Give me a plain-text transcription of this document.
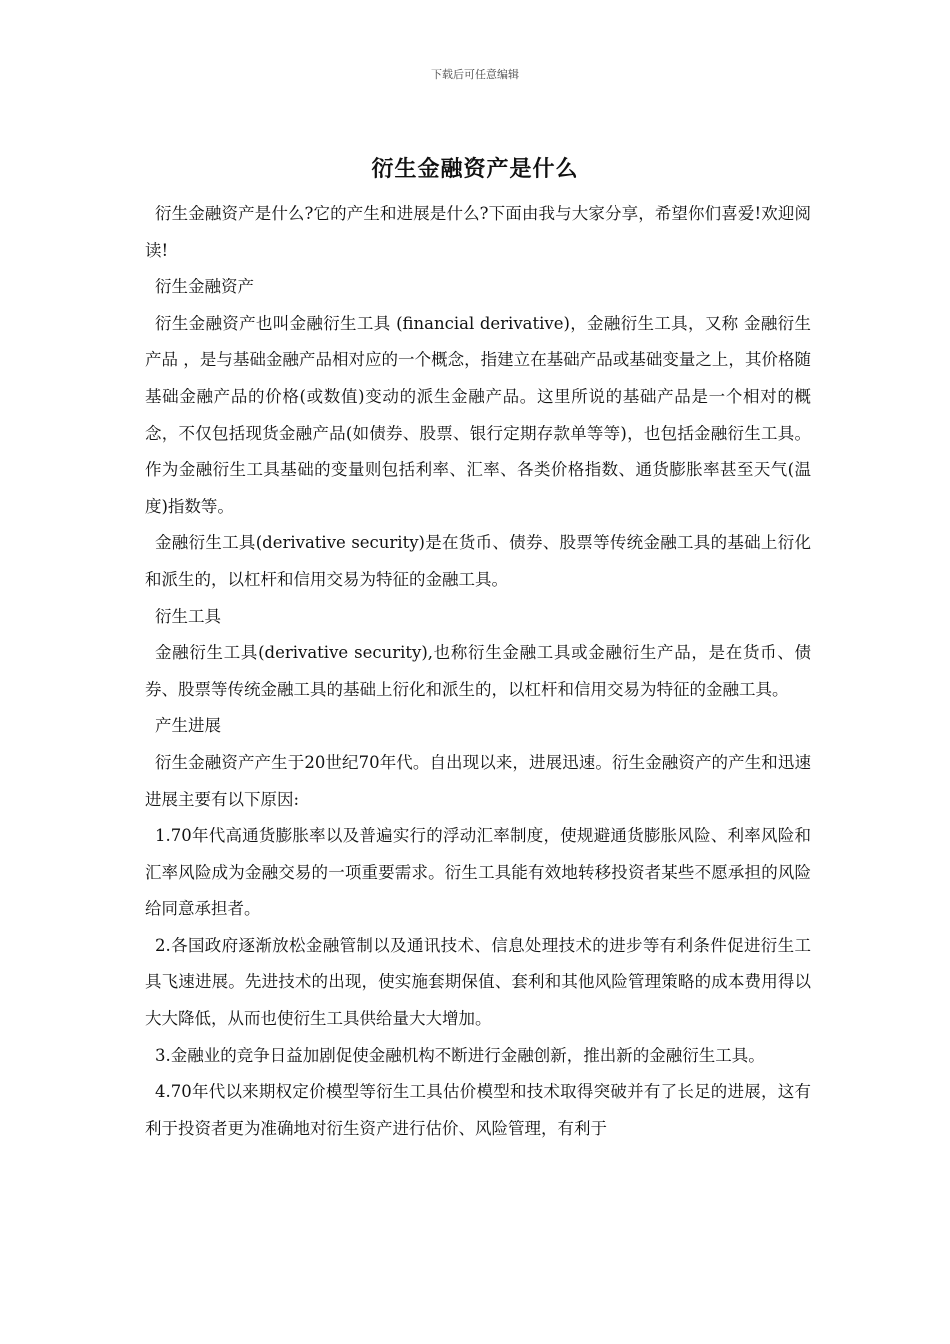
下载后可任意编辑
衍生金融资产是什么

衍生金融资产是什么?它的产生和进展是什么?下面由我与大家分享，希望你们喜爱!欢迎阅读!

衍生金融资产

衍生金融资产也叫金融衍生工具 (financial derivative)，金融衍生工具，又称 金融衍生产品 ，是与基础金融产品相对应的一个概念，指建立在基础产品或基础变量之上，其价格随基础金融产品的价格(或数值)变动的派生金融产品。这里所说的基础产品是一个相对的概念，不仅包括现货金融产品(如债券、股票、银行定期存款单等等)，也包括金融衍生工具。作为金融衍生工具基础的变量则包括利率、汇率、各类价格指数、通货膨胀率甚至天气(温度)指数等。

金融衍生工具(derivative security)是在货币、债券、股票等传统金融工具的基础上衍化和派生的，以杠杆和信用交易为特征的金融工具。

衍生工具

金融衍生工具(derivative security),也称衍生金融工具或金融衍生产品，是在货币、债券、股票等传统金融工具的基础上衍化和派生的，以杠杆和信用交易为特征的金融工具。

产生进展

衍生金融资产产生于20世纪70年代。自出现以来，进展迅速。衍生金融资产的产生和迅速进展主要有以下原因:

1.70年代高通货膨胀率以及普遍实行的浮动汇率制度，使规避通货膨胀风险、利率风险和汇率风险成为金融交易的一项重要需求。衍生工具能有效地转移投资者某些不愿承担的风险给同意承担者。

2.各国政府逐渐放松金融管制以及通讯技术、信息处理技术的进步等有利条件促进衍生工具飞速进展。先进技术的出现，使实施套期保值、套利和其他风险管理策略的成本费用得以大大降低，从而也使衍生工具供给量大大增加。

3.金融业的竞争日益加剧促使金融机构不断进行金融创新，推出新的金融衍生工具。

4.70年代以来期权定价模型等衍生工具估价模型和技术取得突破并有了长足的进展，这有利于投资者更为准确地对衍生资产进行估价、风险管理，有利于
